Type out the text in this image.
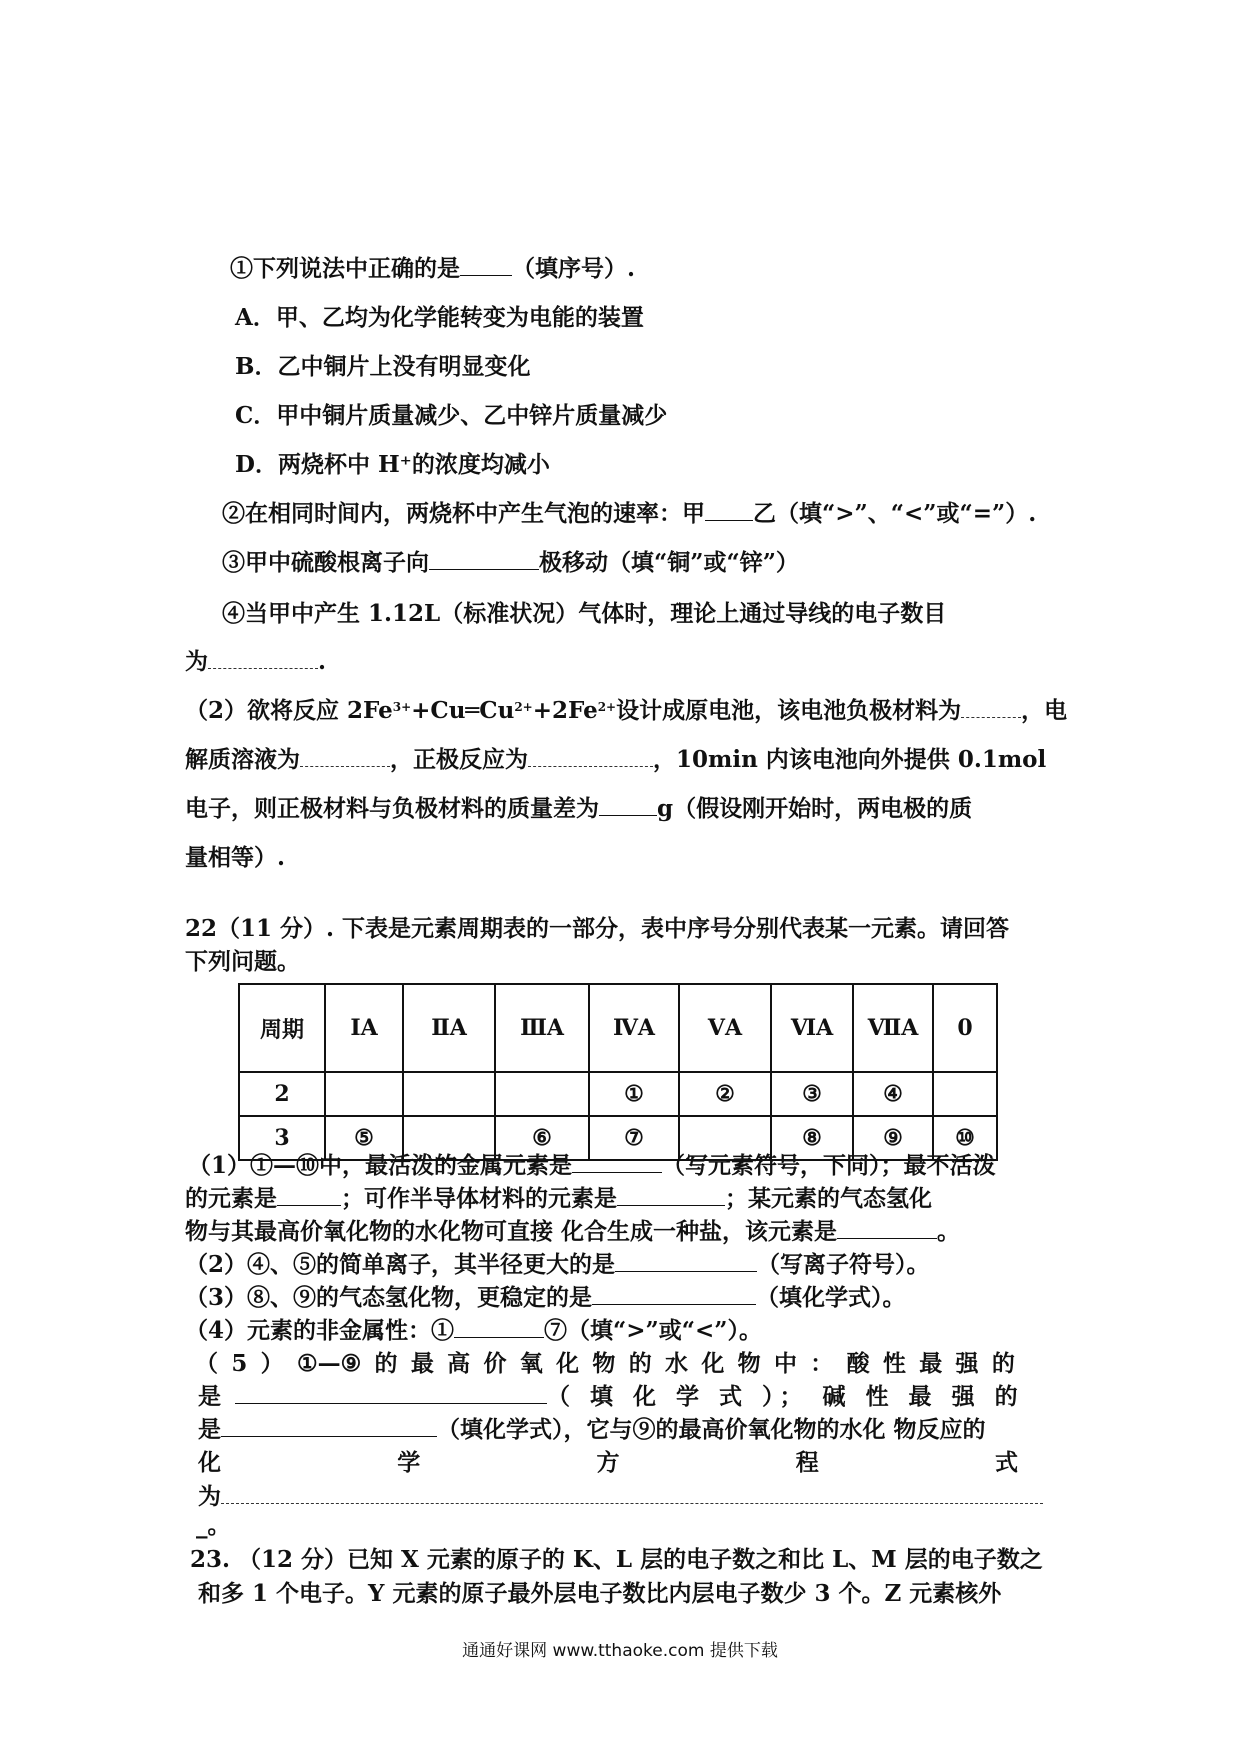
①下列说法中正确的是 （填序号）.
A．甲、乙均为化学能转变为电能的装置
B．乙中铜片上没有明显变化
C．甲中铜片质量减少、乙中锌片质量减少
D．两烧杯中 H⁺的浓度均减小
②在相同时间内，两烧杯中产生气泡的速率：甲 乙（填“>”、“<”或“=”）.
③甲中硫酸根离子向	极移动（填“铜”或“锌”）
④当甲中产生 1.12L（标准状况）气体时，理论上通过导线的电子数目
为	.
（2）欲将反应 $2Fe^{3+}+Cu═Cu^{2+}+2Fe^{2+}$设计成原电池，该电池负极材料为	，电
解质溶液为	，正极反应为	，10min 内该电池向外提供 0.1mol
电子，则正极材料与负极材料的质量差为	g（假设刚开始时，两电极的质
量相等）.
22（11 分）. 下表是元素周期表的一部分，表中序号分别代表某一元素。请回答
下列问题。
周期	ⅠA	ⅡA	ⅢA	ⅣA	ⅤA	ⅥA	ⅦA	0
2				①	②	③	④	
3	⑤		⑥	⑦		⑧	⑨	⑩
（1）①—⑩中，最活泼的金属元素是	（写元素符号，下同）；最不活泼
的元素是	；可作半导体材料的元素是	；某元素的气态氢化
物与其最高价氧化物的水化物可直接 化合生成一种盐，该元素是	。
（2）④、⑤的简单离子，其半径更大的是	（写离子符号）。
（3）⑧、⑨的气态氢化物，更稳定的是	（填化学式）。
（4）元素的非金属性：①	⑦（填“>”或“<”）。
（ 5 ） ①—⑨ 的 最 高 价 氧 化 物 的 水 化 物 中 ： 酸 性 最 强 的
是	（ 填 化 学 式 ）； 碱 性 最 强 的
是	（填化学式），它与⑨的最高价氧化物的水化 物反应的
化	学	方	程	式
为
_。
23. （12 分）已知 X 元素的原子的 K、L 层的电子数之和比 L、M 层的电子数之
和多 1 个电子。Y 元素的原子最外层电子数比内层电子数少 3 个。Z 元素核外
通通好课网 www.tthaoke.com 提供下载
